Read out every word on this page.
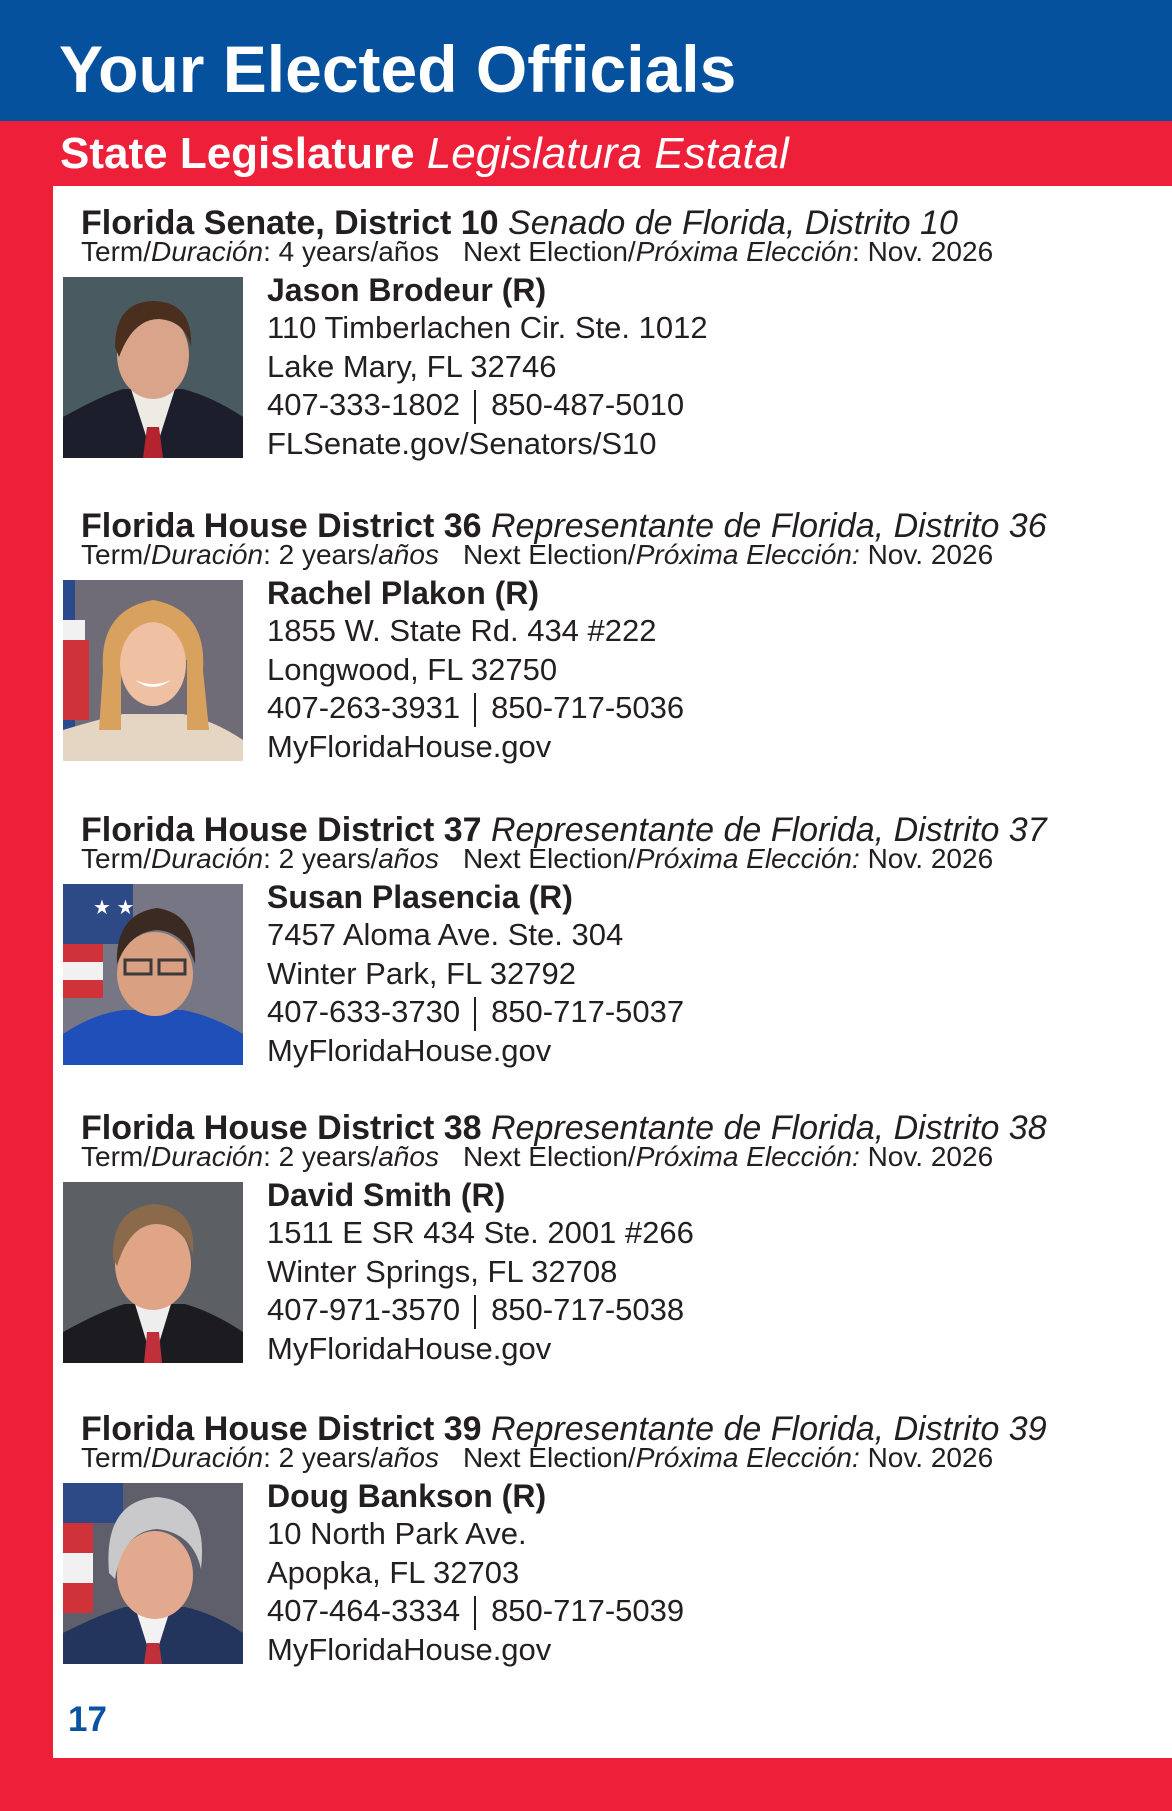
Your Elected Officials
State Legislature Legislatura Estatal
Florida Senate, District 10 Senado de Florida, Distrito 10
Term/Duración: 4 years/años Next Election/Próxima Elección: Nov. 2026
Jason Brodeur (R)
110 Timberlachen Cir. Ste. 1012
Lake Mary, FL 32746
407-333-1802 850-487-5010
FLSenate.gov/Senators/S10
Florida House District 36 Representante de Florida, Distrito 36
Term/Duración: 2 years/años Next Election/Próxima Elección: Nov. 2026
Rachel Plakon (R)
1855 W. State Rd. 434 #222
Longwood, FL 32750
407-263-3931 850-717-5036
MyFloridaHouse.gov
Florida House District 37 Representante de Florida, Distrito 37
Term/Duración: 2 years/años Next Election/Próxima Elección: Nov. 2026
★ ★	Susan Plasencia (R)
7457 Aloma Ave. Ste. 304
Winter Park, FL 32792
407-633-3730 850-717-5037
MyFloridaHouse.gov
Florida House District 38 Representante de Florida, Distrito 38
Term/Duración: 2 years/años Next Election/Próxima Elección: Nov. 2026
David Smith (R)
1511 E SR 434 Ste. 2001 #266
Winter Springs, FL 32708
407-971-3570 850-717-5038
MyFloridaHouse.gov
Florida House District 39 Representante de Florida, Distrito 39
Term/Duración: 2 years/años Next Election/Próxima Elección: Nov. 2026
Doug Bankson (R)
10 North Park Ave.
Apopka, FL 32703
407-464-3334 850-717-5039
MyFloridaHouse.gov
17
